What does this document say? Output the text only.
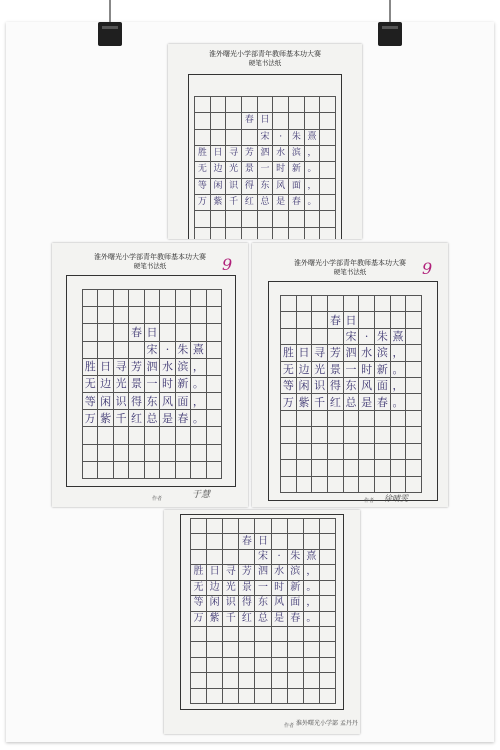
淮外曙光小学部青年教师基本功大赛
硬笔书法纸
春 日
宋	·	朱 熹
胜 日 寻 芳 泗 水 滨 ，
无 边 光 景 一 时 新 。
等 闲 识 得 东 风 面 ，
万 紫 千 红 总 是 春 。
淮外曙光小学部青年教师基本功大赛
硬笔书法纸	9
春 日
宋 · 朱 熹
胜 日 寻 芳 泗 水 滨 ，
无 边 光 景 一 时 新 。
等 闲 识 得 东 风 面 ，
万 紫 千 红 总 是 春 。
作者	于慧
淮外曙光小学部青年教师基本功大赛
硬笔书法纸	9
春 日
宋 · 朱 熹
胜 日 寻 芳 泗 水 滨 ，
无 边 光 景 一 时 新 。
等 闲 识 得 东 风 面 ，
万 紫 千 红 总 是 春 。
作者 徐晴雯
春 日
宋 · 朱 熹
胜 日 寻 芳 泗 水 滨 ，
无 边 光 景 一 时 新 。
等 闲 识 得 东 风 面 ，
万 紫 千 红 总 是 春 。
作者 淮外曙光小学部 孟丹丹
